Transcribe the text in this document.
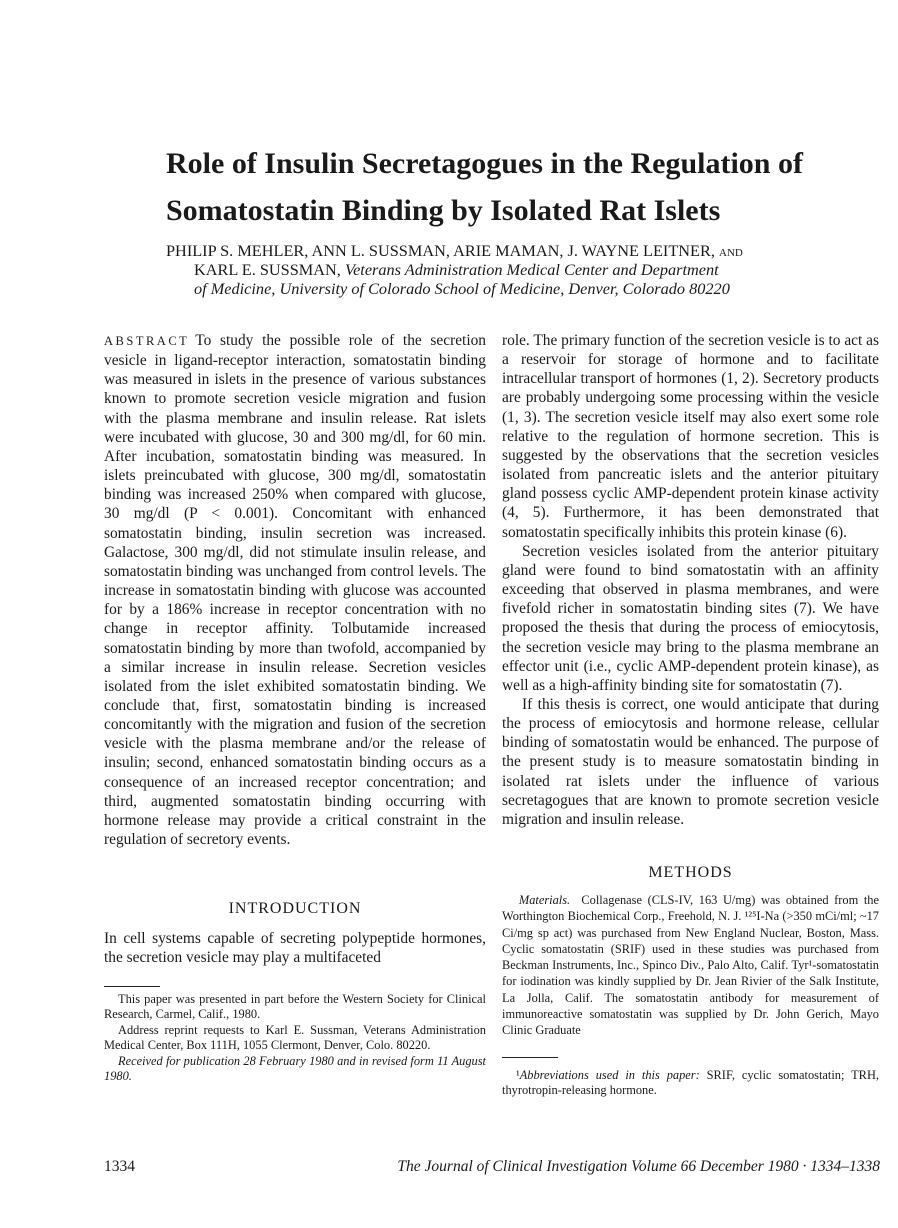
Role of Insulin Secretagogues in the Regulation of
Somatostatin Binding by Isolated Rat Islets
PHILIP S. MEHLER, ANN L. SUSSMAN, ARIE MAMAN, J. WAYNE LEITNER, and
KARL E. SUSSMAN, Veterans Administration Medical Center and Department
of Medicine, University of Colorado School of Medicine, Denver, Colorado 80220

ABSTRACT To study the possible role of the secretion vesicle in ligand-receptor interaction, somatostatin binding was measured in islets in the presence of various substances known to promote secretion vesicle migration and fusion with the plasma membrane and insulin release. Rat islets were incubated with glucose, 30 and 300 mg/dl, for 60 min. After incubation, somatostatin binding was measured. In islets preincubated with glucose, 300 mg/dl, somatostatin binding was increased 250% when compared with glucose, 30 mg/dl (P < 0.001). Concomitant with enhanced somatostatin binding, insulin secretion was increased. Galactose, 300 mg/dl, did not stimulate insulin release, and somatostatin binding was unchanged from control levels. The increase in somatostatin binding with glucose was accounted for by a 186% increase in receptor concentration with no change in receptor affinity. Tolbutamide increased somatostatin binding by more than twofold, accompanied by a similar increase in insulin release. Secretion vesicles isolated from the islet exhibited somatostatin binding. We conclude that, first, somatostatin binding is increased concomitantly with the migration and fusion of the secretion vesicle with the plasma membrane and/or the release of insulin; second, enhanced somatostatin binding occurs as a consequence of an increased receptor concentration; and third, augmented somatostatin binding occurring with hormone release may provide a critical constraint in the regulation of secretory events.

INTRODUCTION
In cell systems capable of secreting polypeptide hormones, the secretion vesicle may play a multifaceted

This paper was presented in part before the Western Society for Clinical Research, Carmel, Calif., 1980.

Address reprint requests to Karl E. Sussman, Veterans Administration Medical Center, Box 111H, 1055 Clermont, Denver, Colo. 80220.

Received for publication 28 February 1980 and in revised form 11 August 1980.

role. The primary function of the secretion vesicle is to act as a reservoir for storage of hormone and to facilitate intracellular transport of hormones (1, 2). Secretory products are probably undergoing some processing within the vesicle (1, 3). The secretion vesicle itself may also exert some role relative to the regulation of hormone secretion. This is suggested by the observations that the secretion vesicles isolated from pancreatic islets and the anterior pituitary gland possess cyclic AMP-dependent protein kinase activity (4, 5). Furthermore, it has been demonstrated that somatostatin specifically inhibits this protein kinase (6).

Secretion vesicles isolated from the anterior pituitary gland were found to bind somatostatin with an affinity exceeding that observed in plasma membranes, and were fivefold richer in somatostatin binding sites (7). We have proposed the thesis that during the process of emiocytosis, the secretion vesicle may bring to the plasma membrane an effector unit (i.e., cyclic AMP-dependent protein kinase), as well as a high-affinity binding site for somatostatin (7).

If this thesis is correct, one would anticipate that during the process of emiocytosis and hormone release, cellular binding of somatostatin would be enhanced. The purpose of the present study is to measure somatostatin binding in isolated rat islets under the influence of various secretagogues that are known to promote secretion vesicle migration and insulin release.

METHODS
Materials. Collagenase (CLS-IV, 163 U/mg) was obtained from the Worthington Biochemical Corp., Freehold, N. J. ¹²⁵I-Na (>350 mCi/ml; ~17 Ci/mg sp act) was purchased from New England Nuclear, Boston, Mass. Cyclic somatostatin (SRIF) used in these studies was purchased from Beckman Instruments, Inc., Spinco Div., Palo Alto, Calif. Tyr¹-somatostatin for iodination was kindly supplied by Dr. Jean Rivier of the Salk Institute, La Jolla, Calif. The somatostatin antibody for measurement of immunoreactive somatostatin was supplied by Dr. John Gerich, Mayo Clinic Graduate
¹Abbreviations used in this paper: SRIF, cyclic somatostatin; TRH, thyrotropin-releasing hormone.
1334	The Journal of Clinical Investigation Volume 66 December 1980 · 1334–1338
